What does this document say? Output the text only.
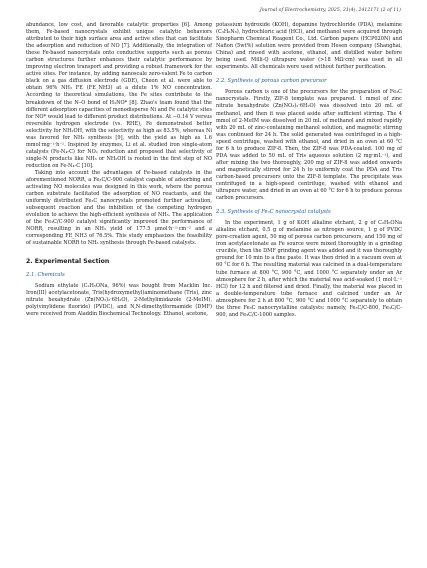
Journal of Electrochemistry, 2025, 31(4), 2412171 (2 of 11)

abundance, low cost, and favorable catalytic properties [6]. Among them, Fe-based nanocrystals exhibit unique catalytic behaviors attributed to their high surface area and active sites that can facilitate the adsorption and reduction of NO [7]. Additionally, the integration of these Fe-based nanocrystals onto conductive supports such as porous carbon structures further enhances their catalytic performance by improving electron transport and providing a robust framework for the active sites. For instance, by adding nanoscale zero-valent Fe to carbon black on a gas diffusion electrode (GDE), Cheon et al. were able to obtain 96% NH₃ FE (FE_NH3) at a dilute 1% NO concentration. According to theoretical simulations, the Fe sites contribute to the breakdown of the N–O bond of H₂NO* [8]. Zhao's team found that the different adsorption capacities of monodisperse Ni and Fe catalytic sites for NO* would lead to different product distributions. At −0.14 V versus reversible hydrogen electrode (vs. RHE), Fe demonstrated better selectivity for NH₂OH, with the selectivity as high as 83.5%, whereas Ni was favored for NH₃ synthesis [9], with the yield as high as 1.6 mmol·mg⁻¹·h⁻¹. Inspired by enzymes, Li et al. studied iron single-atom catalysts (Fe-N₄-C) for NOₓ reduction and proposed that selectivity of single-N products like NH₃ or NH₂OH is rooted in the first step of NO reduction on Fe-N₄-C [10].

Taking into account the advantages of Fe-based catalysts in the aforementioned NORR, a Fe₃C/C-900 catalyst capable of adsorbing and activating NO molecules was designed in this work, where the porous carbon substrate facilitated the adsorption of NO reactants, and the uniformly distributed Fe₃C nanocrystals promoted further activation, subsequent reaction and the inhibition of the competing hydrogen evolution to achieve the high-efficient synthesis of NH₃. The application of the Fe₃C/C-900 catalyst significantly improved the performance of NORR, resulting in an NH₃ yield of 177.5 μmol·h⁻¹·cm⁻² and a corresponding FE_NH3 of 76.5%. This study emphasizes the feasibility of sustainable NORR to NH₃ synthesis through Fe-based catalysts.

2. Experimental Section
2.1. Chemicals

Sodium ethylate (C₂H₅ONa, 96%) was bought from Macklin Inc. Iron(III) acetylacetonate, Tris(hydroxymethyl)aminomethane (Tris), zinc nitrate hexahydrate (Zn(NO₃)₂·6H₂O), 2-Methylimidazole (2-MeIM), poly(vinylidene fluoride) (PVDC), and N,N-dimethylformamide (DMF) were received from Aladdin Biochemical Technology. Ethanol, acetone,

potassium hydroxide (KOH), dopamine hydrochloride (PDA), melamine (C₃H₆N₆), hydrochloric acid (HCl), and methanol were acquired through Sinopharm Chemical Reagent Co., Ltd. Carbon papers (HCP020N) and Nafion (5wt%) solution were provided from Hesen company (Shanghai, China) and rinsed with acetone, ethanol, and distilled water before being used. Milli-Q ultrapure water (>18 MΩ·cm) was used in all experiments. All chemicals were used without further purification.

2.2. Synthesis of porous carbon precursor

Porous carbon is one of the precursors for the preparation of Fe₃C nanocrystals. Firstly, ZIF-8 template was prepared. 1 mmol of zinc nitrate hexahydrate (Zn(NO₃)₂·6H₂O) was dissolved into 20 mL of methanol, and then it was placed aside after sufficient stirring. The 4 mmol of 2-MeIM was dissolved in 20 mL of methanol and mixed rapidly with 20 mL of zinc-containing methanol solution, and magnetic stirring was continued for 24 h. The solid generated was centrifuged in a high-speed centrifuge, washed with ethanol, and dried in an oven at 60 °C for 6 h to produce ZIF-8. Then, the ZIF-8 was PDA-coated. 100 mg of PDA was added to 50 mL of Tris aqueous solution (2 mg·mL⁻¹), and after mixing the two thoroughly, 200 mg of ZIF-8 was added onwards and magnetically stirred for 24 h to uniformly coat the PDA and Tris carbon-based precursors onto the ZIF-8 template. The precipitate was centrifuged in a high-speed centrifuge, washed with ethanol and ultrapure water, and dried in an oven at 60 °C for 6 h to produce porous carbon precursors.

2.3. Synthesis of Fe₃C nanocrystal catalysts

In the experiment, 1 g of KOH alkaline etchant, 2 g of C₂H₅ONa alkaline etchant, 0.5 g of melamine as nitrogen source, 1 g of PVDC pore-creation agent, 50 mg of porous carbon precursors, and 150 mg of iron acetylacetonate as Fe source were mixed thoroughly in a grinding crucible, then the DMF grinding agent was added and it was thoroughly ground for 10 min to a fine paste. It was then dried in a vacuum oven at 60 °C for 6 h. The resulting material was calcined in a dual-temperature tube furnace at 800 °C, 900 °C, and 1000 °C separately under an Ar atmosphere for 2 h, after which the material was acid-soaked (1 mol·L⁻¹ HCl) for 12 h and filtered and dried. Finally, the material was placed in a double-temperature tube furnace and calcined under an Ar atmosphere for 2 h at 800 °C, 900 °C and 1000 °C separately to obtain the three Fe₃C nanocrystalline catalysts: namely, Fe₃C/C-800, Fe₃C/C-900, and Fe₃C/C-1000 samples.
